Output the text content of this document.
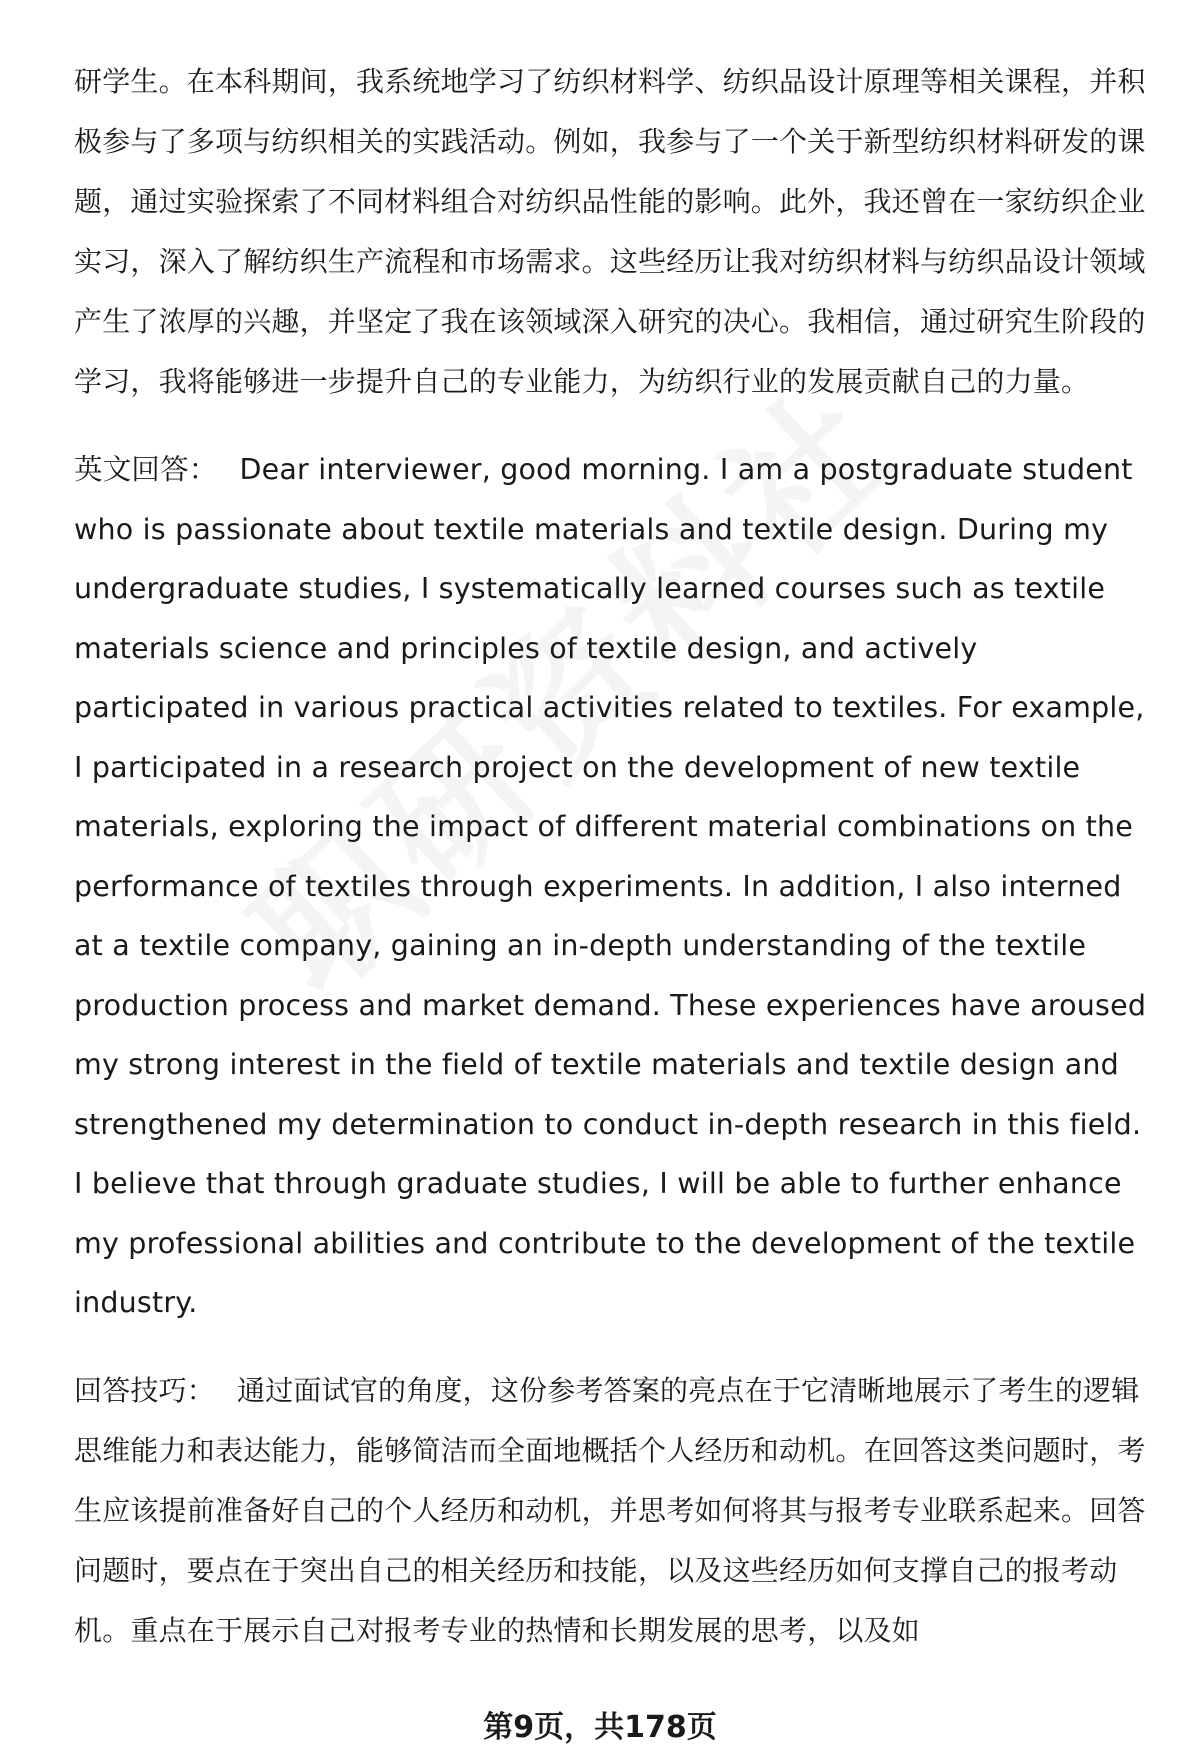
研学生。在本科期间，我系统地学习了纺织材料学、纺织品设计原理等相关课程，并积极参与了多项与纺织相关的实践活动。例如，我参与了一个关于新型纺织材料研发的课题，通过实验探索了不同材料组合对纺织品性能的影响。此外，我还曾在一家纺织企业实习，深入了解纺织生产流程和市场需求。这些经历让我对纺织材料与纺织品设计领域产生了浓厚的兴趣，并坚定了我在该领域深入研究的决心。我相信，通过研究生阶段的学习，我将能够进一步提升自己的专业能力，为纺织行业的发展贡献自己的力量。

英文回答： Dear interviewer, good morning. I am a postgraduate student who is passionate about textile materials and textile design. During my undergraduate studies, I systematically learned courses such as textile materials science and principles of textile design, and actively participated in various practical activities related to textiles. For example, I participated in a research project on the development of new textile materials, exploring the impact of different material combinations on the performance of textiles through experiments. In addition, I also interned at a textile company, gaining an in-depth understanding of the textile production process and market demand. These experiences have aroused my strong interest in the field of textile materials and textile design and strengthened my determination to conduct in-depth research in this field. I believe that through graduate studies, I will be able to further enhance my professional abilities and contribute to the development of the textile industry.

回答技巧： 通过面试官的角度，这份参考答案的亮点在于它清晰地展示了考生的逻辑思维能力和表达能力，能够简洁而全面地概括个人经历和动机。在回答这类问题时，考生应该提前准备好自己的个人经历和动机，并思考如何将其与报考专业联系起来。回答问题时，要点在于突出自己的相关经历和技能，以及这些经历如何支撑自己的报考动机。重点在于展示自己对报考专业的热情和长期发展的思考，以及如

第9页，共178页
